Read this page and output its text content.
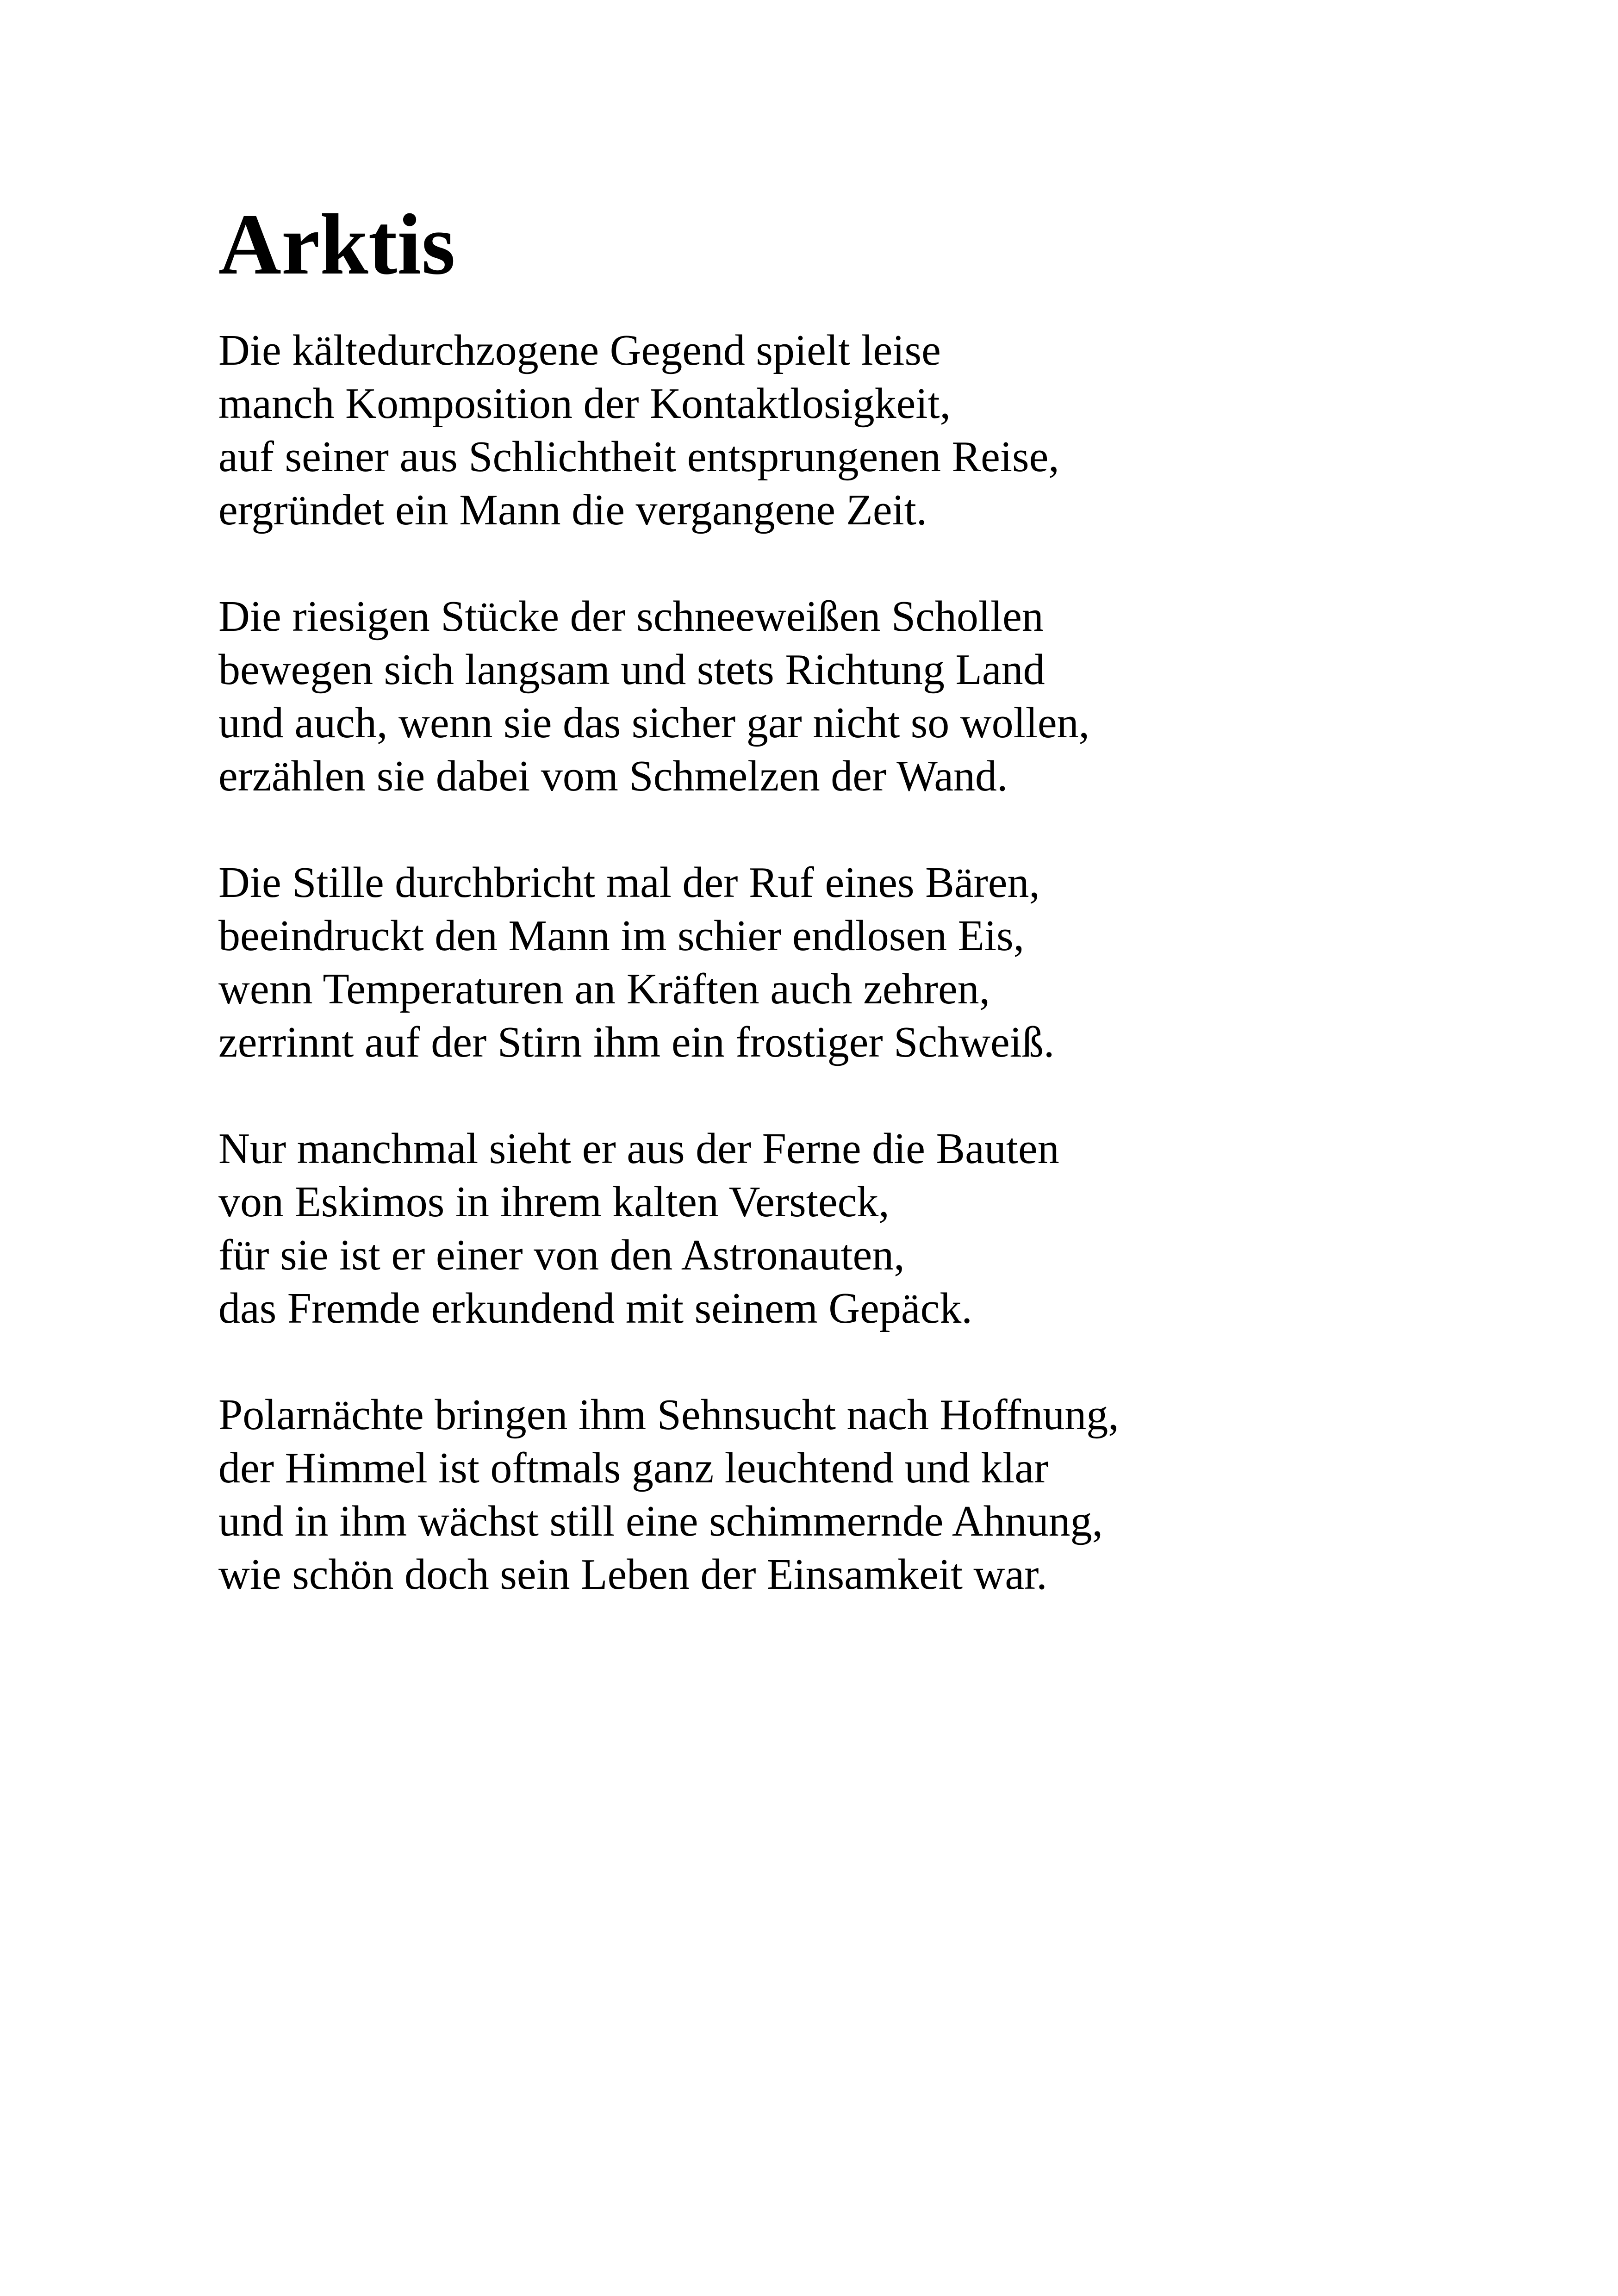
Arktis
Die kältedurchzogene Gegend spielt leise
manch Komposition der Kontaktlosigkeit,
auf seiner aus Schlichtheit entsprungenen Reise,
ergründet ein Mann die vergangene Zeit.
Die riesigen Stücke der schneeweißen Schollen
bewegen sich langsam und stets Richtung Land
und auch, wenn sie das sicher gar nicht so wollen,
erzählen sie dabei vom Schmelzen der Wand.
Die Stille durchbricht mal der Ruf eines Bären,
beeindruckt den Mann im schier endlosen Eis,
wenn Temperaturen an Kräften auch zehren,
zerrinnt auf der Stirn ihm ein frostiger Schweiß.
Nur manchmal sieht er aus der Ferne die Bauten
von Eskimos in ihrem kalten Versteck,
für sie ist er einer von den Astronauten,
das Fremde erkundend mit seinem Gepäck.
Polarnächte bringen ihm Sehnsucht nach Hoffnung,
der Himmel ist oftmals ganz leuchtend und klar
und in ihm wächst still eine schimmernde Ahnung,
wie schön doch sein Leben der Einsamkeit war.
